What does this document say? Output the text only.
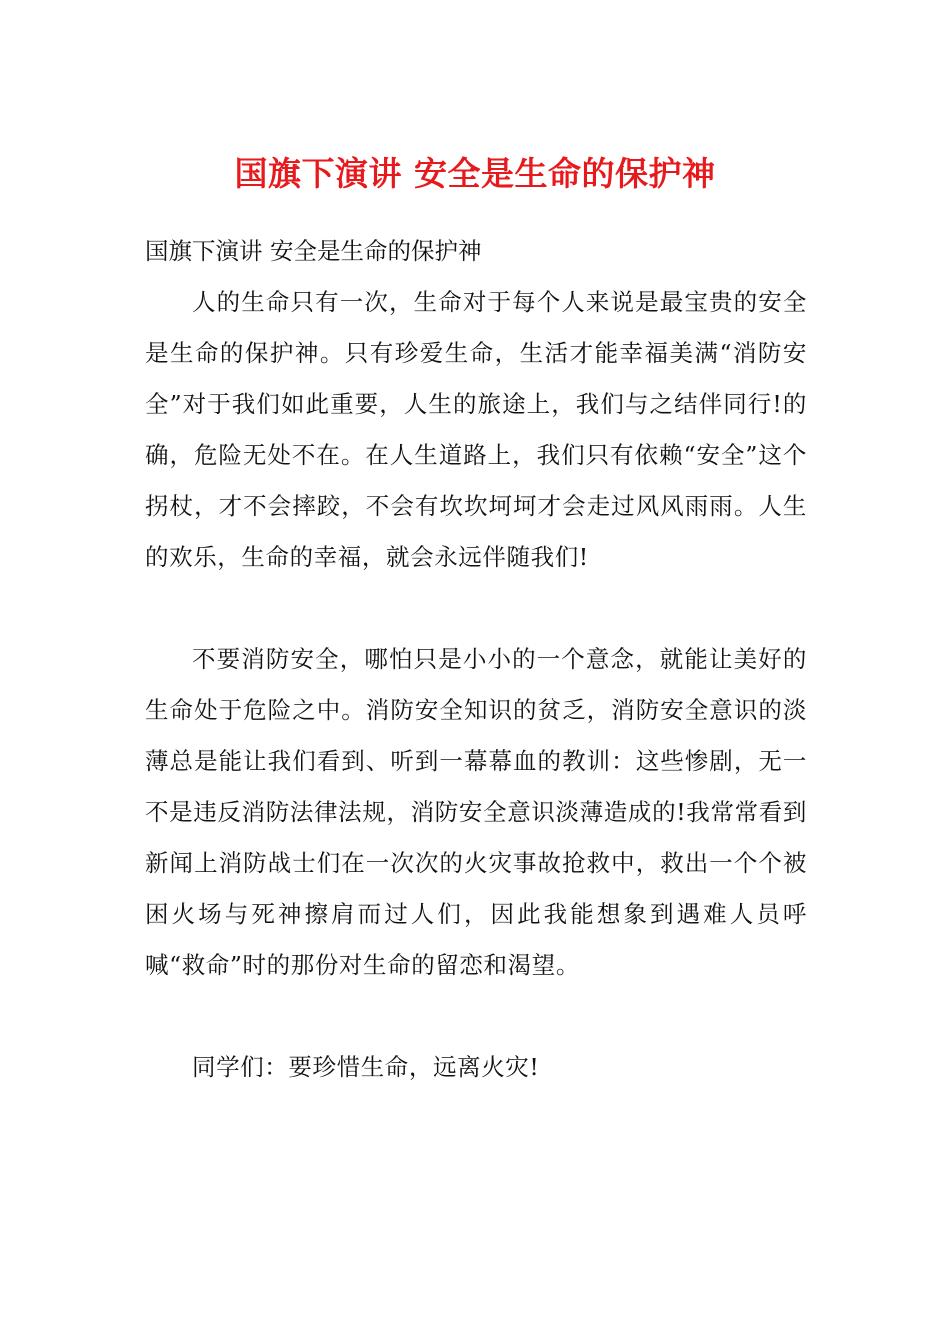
国旗下演讲 安全是生命的保护神

国旗下演讲 安全是生命的保护神

人的生命只有一次，生命对于每个人来说是最宝贵的安全是生命的保护神。只有珍爱生命，生活才能幸福美满“消防安全”对于我们如此重要，人生的旅途上，我们与之结伴同行!的确，危险无处不在。在人生道路上，我们只有依赖“安全”这个拐杖，才不会摔跤，不会有坎坎坷坷才会走过风风雨雨。人生的欢乐，生命的幸福，就会永远伴随我们!

不要消防安全，哪怕只是小小的一个意念，就能让美好的生命处于危险之中。消防安全知识的贫乏，消防安全意识的淡薄总是能让我们看到、听到一幕幕血的教训：这些惨剧，无一不是违反消防法律法规，消防安全意识淡薄造成的!我常常看到新闻上消防战士们在一次次的火灾事故抢救中，救出一个个被困火场与死神擦肩而过人们，因此我能想象到遇难人员呼喊“救命”时的那份对生命的留恋和渴望。

同学们：要珍惜生命，远离火灾!
